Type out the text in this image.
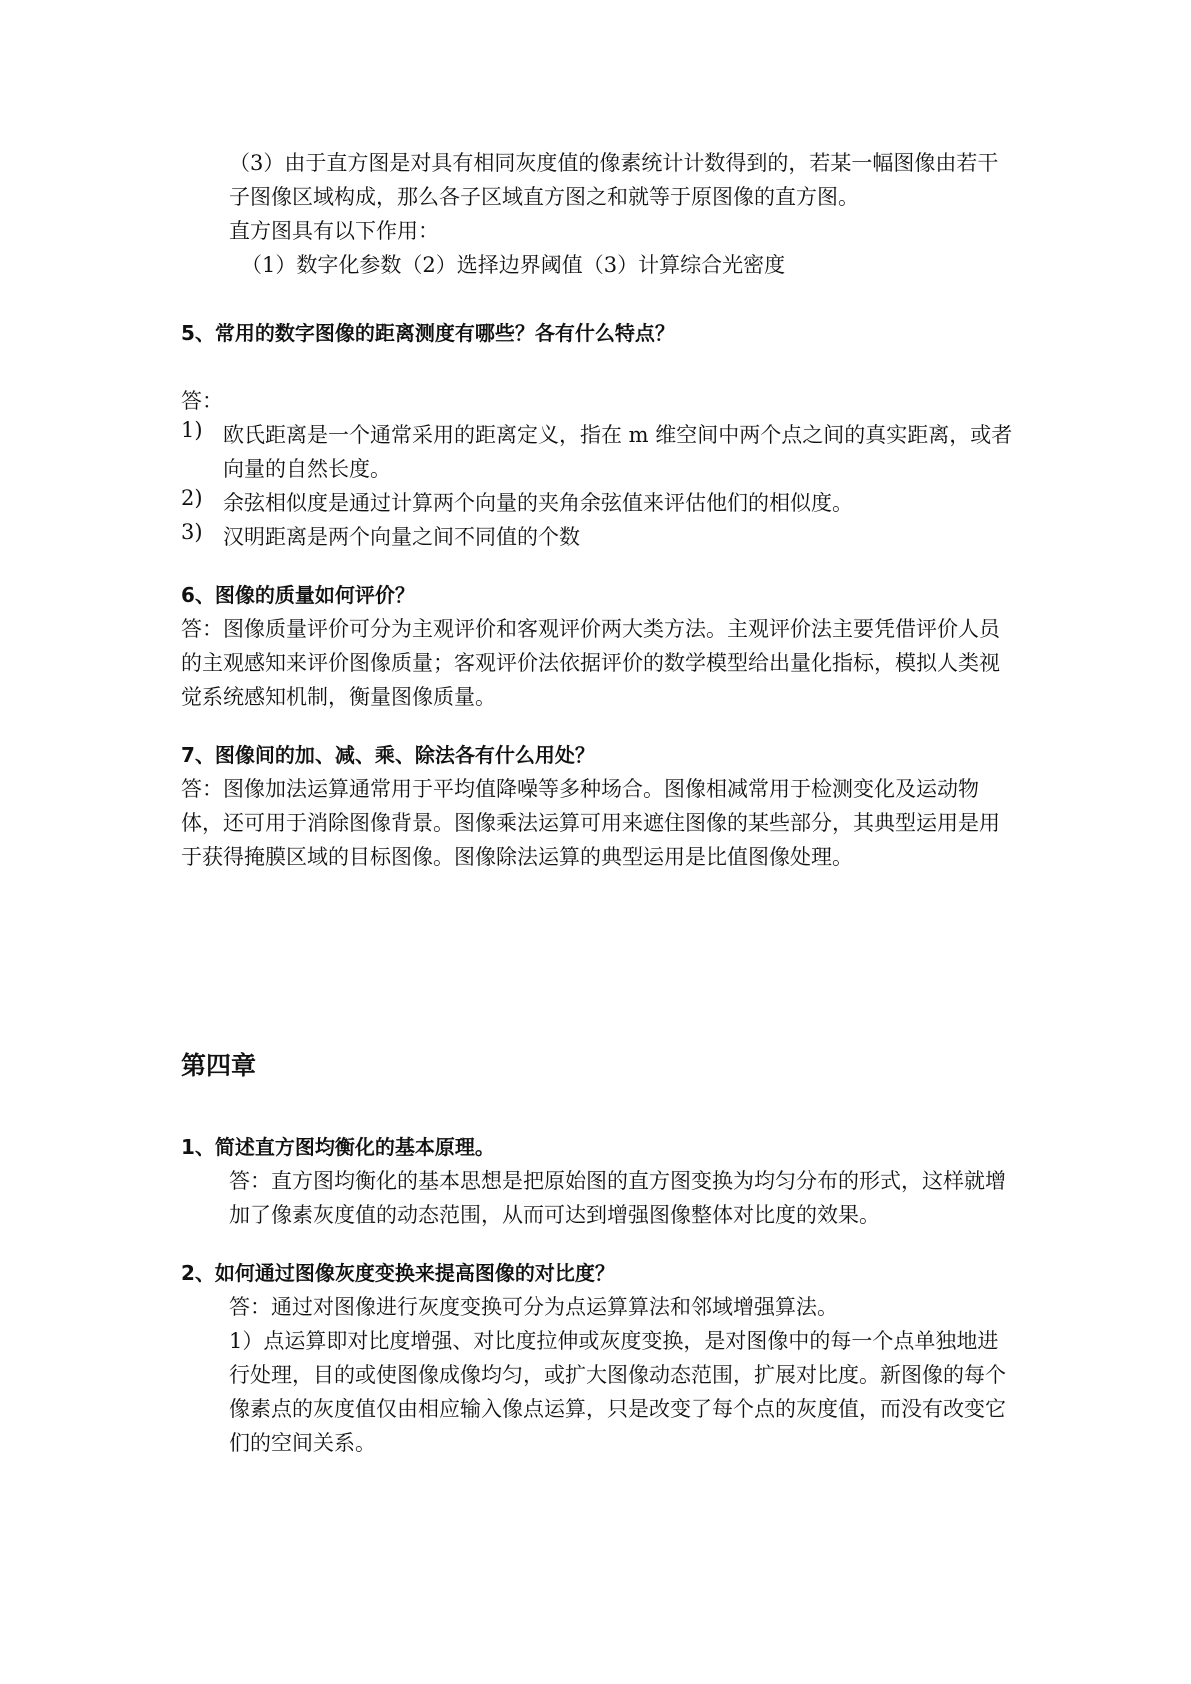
（3）由于直方图是对具有相同灰度值的像素统计计数得到的，若某一幅图像由若干子图像区域构成，那么各子区域直方图之和就等于原图像的直方图。

直方图具有以下作用：

（1）数字化参数（2）选择边界阈值（3）计算综合光密度

5、常用的数字图像的距离测度有哪些？各有什么特点？

答：

1) 欧氏距离是一个通常采用的距离定义，指在 m 维空间中两个点之间的真实距离，或者向量的自然长度。

2) 余弦相似度是通过计算两个向量的夹角余弦值来评估他们的相似度。

3) 汉明距离是两个向量之间不同值的个数

6、图像的质量如何评价？

答：图像质量评价可分为主观评价和客观评价两大类方法。主观评价法主要凭借评价人员的主观感知来评价图像质量；客观评价法依据评价的数学模型给出量化指标，模拟人类视觉系统感知机制，衡量图像质量。

7、图像间的加、减、乘、除法各有什么用处？

答：图像加法运算通常用于平均值降噪等多种场合。图像相减常用于检测变化及运动物体，还可用于消除图像背景。图像乘法运算可用来遮住图像的某些部分，其典型运用是用于获得掩膜区域的目标图像。图像除法运算的典型运用是比值图像处理。

第四章

1、简述直方图均衡化的基本原理。

答：直方图均衡化的基本思想是把原始图的直方图变换为均匀分布的形式，这样就增加了像素灰度值的动态范围，从而可达到增强图像整体对比度的效果。

2、如何通过图像灰度变换来提高图像的对比度？

答：通过对图像进行灰度变换可分为点运算算法和邻域增强算法。

1）点运算即对比度增强、对比度拉伸或灰度变换，是对图像中的每一个点单独地进行处理，目的或使图像成像均匀，或扩大图像动态范围，扩展对比度。新图像的每个像素点的灰度值仅由相应输入像点运算，只是改变了每个点的灰度值，而没有改变它们的空间关系。
